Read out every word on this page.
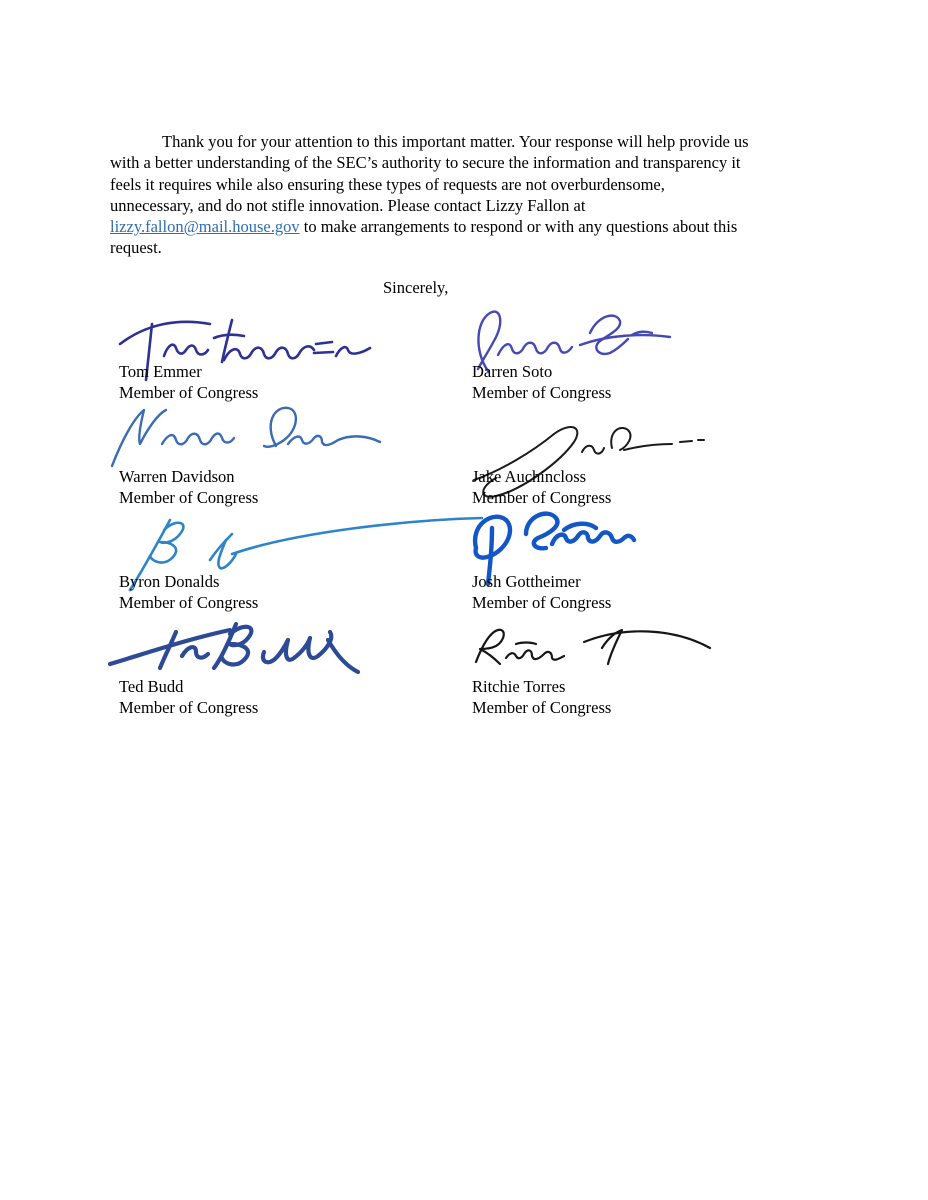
Thank you for your attention to this important matter. Your response will help provide us
with a better understanding of the SEC’s authority to secure the information and transparency it
feels it requires while also ensuring these types of requests are not overburdensome,
unnecessary, and do not stifle innovation. Please contact Lizzy Fallon at
lizzy.fallon@mail.house.gov to make arrangements to respond or with any questions about this
request.
Sincerely,
Tom Emmer
Member of Congress
Darren Soto
Member of Congress
Warren Davidson
Member of Congress
Jake Auchincloss
Member of Congress
Byron Donalds
Member of Congress
Josh Gottheimer
Member of Congress
Ted Budd
Member of Congress
Ritchie Torres
Member of Congress
